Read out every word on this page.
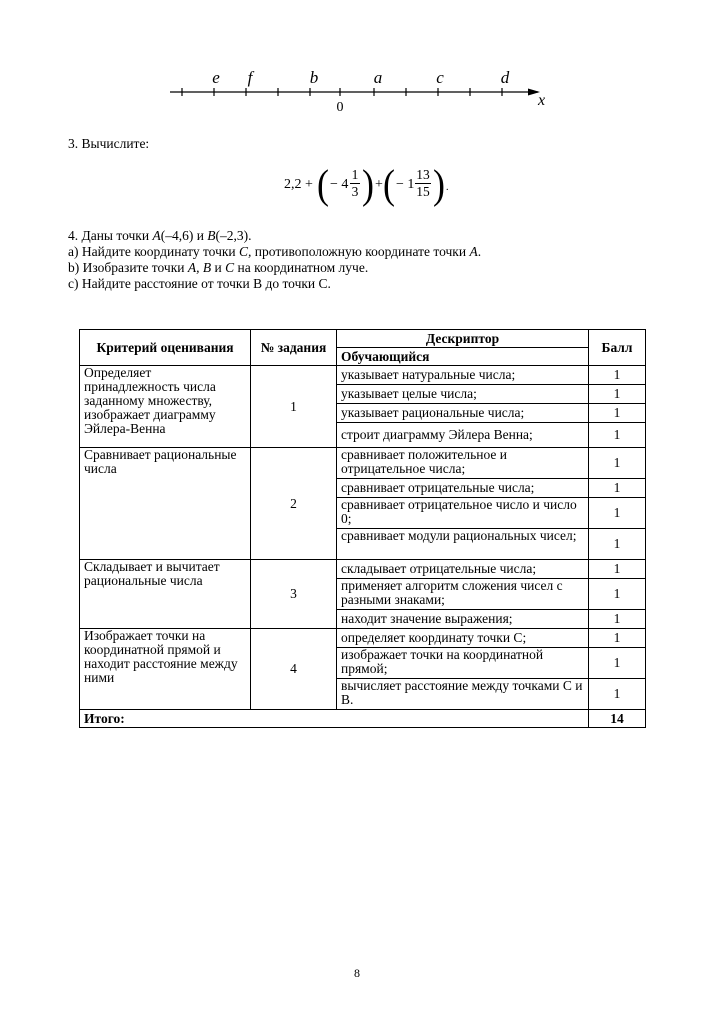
e f	b	a	c	d
0	x
3. Вычислите:
2,2 + ( − 4
1
3 ) + ( − 1
13
15 ) .
4. Даны точки A(–4,6) и B(–2,3).
a) Найдите координату точки C, противоположную координате точки A.
b) Изобразите точки A, B и C на координатном луче.
c) Найдите расстояние от точки В до точки С.
Критерий оценивания	№ задания	Дескриптор	Балл
		Обучающийся	
Определяет принадлежность числа заданному множеству, изображает диаграмму Эйлера-Венна	1	указывает натуральные числа;	1
		указывает целые числа;	1
		указывает рациональные числа;	1
		строит диаграмму Эйлера Венна;	1
Сравнивает рациональные числа	2	сравнивает положительное и отрицательное числа;	1
		сравнивает отрицательные числа;	1
		сравнивает отрицательное число и число 0;	1
		сравнивает модули рациональных чисел;	1
Складывает и вычитает рациональные числа	3	складывает отрицательные числа;	1
		применяет алгоритм сложения чисел с разными знаками;	1
		находит значение выражения;	1
Изображает точки на координатной прямой и находит расстояние между ними	4	определяет координату точки C;	1
		изображает точки на координатной прямой;	1
		вычисляет расстояние между точками C и B.	1
Итого:			14
8
